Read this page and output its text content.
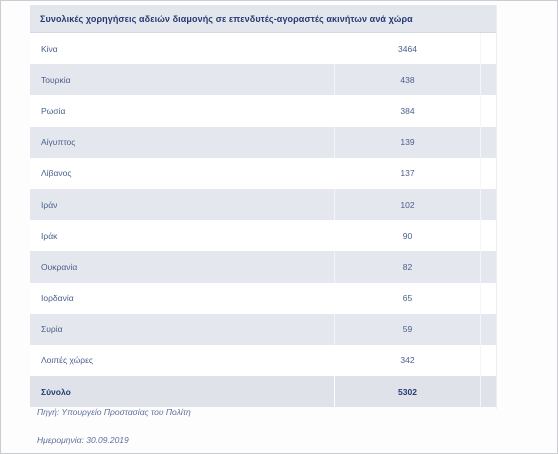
Συνολικές χορηγήσεις αδειών διαμονής σε επενδυτές-αγοραστές ακινήτων ανά χώρα
Κίνα	3464
Τουρκία	438
Ρωσία	384
Αίγυπτος	139
Λίβανος	137
Ιράν	102
Ιράκ	90
Ουκρανία	82
Ιορδανία	65
Συρία	59
Λοιπές χώρες	342
Σύνολο	5302
Πηγή: Υπουργείο Προστασίας του Πολίτη
Ημερομηνία: 30.09.2019
